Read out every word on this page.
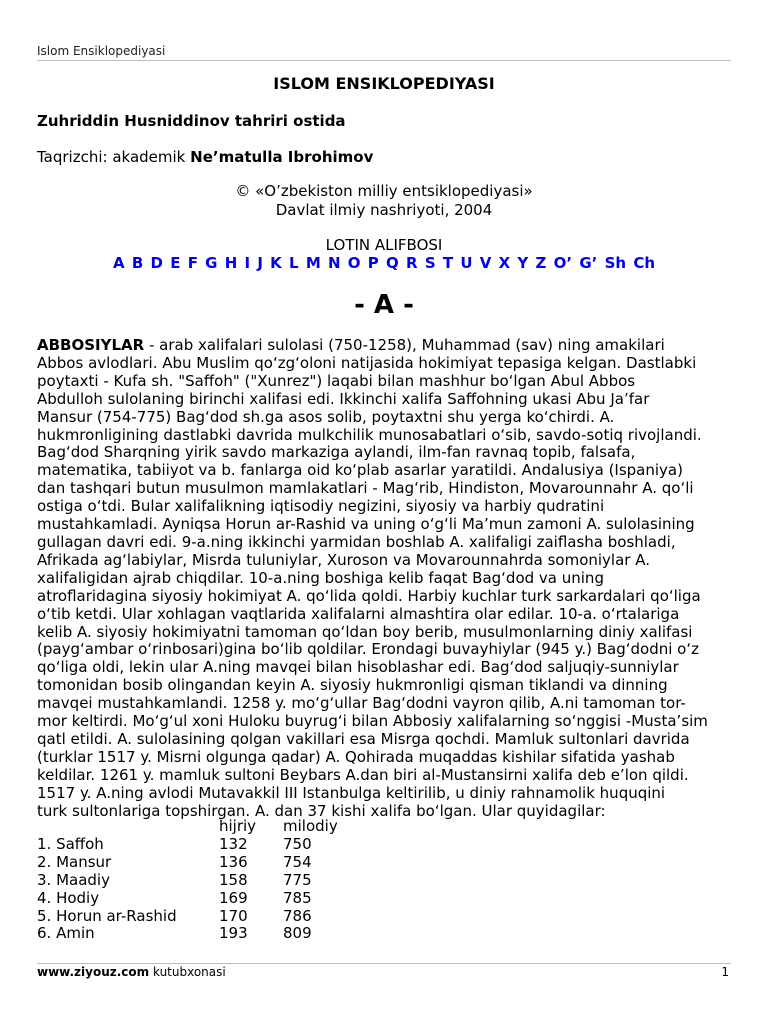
Islom Ensiklopediyasi
ISLOM ENSIKLOPEDIYASI
Zuhriddin Husniddinov tahriri ostida
Taqrizchi: akademik Ne’matulla Ibrohimov
© «O’zbekiston milliy entsiklopediyasi»
Davlat ilmiy nashriyoti, 2004
LOTIN ALIFBOSI
A B D E F G H I J K L M N O P Q R S T U V X Y Z O’ G’ Sh Ch
- A -
ABBOSIYLAR - arab xalifalari sulolasi (750-1258), Muhammad (sav) ning amakilari
Abbos avlodlari. Abu Muslim qo‘zg‘oloni natijasida hokimiyat tepasiga kelgan. Dastlabki
poytaxti - Kufa sh. "Saffoh" ("Xunrez") laqabi bilan mashhur bo‘lgan Abul Abbos
Abdulloh sulolaning birinchi xalifasi edi. Ikkinchi xalifa Saffohning ukasi Abu Ja’far
Mansur (754-775) Bag‘dod sh.ga asos solib, poytaxtni shu yerga ko‘chirdi. A.
hukmronligining dastlabki davrida mulkchilik munosabatlari o‘sib, savdo-sotiq rivojlandi.
Bag‘dod Sharqning yirik savdo markaziga aylandi, ilm-fan ravnaq topib, falsafa,
matematika, tabiiyot va b. fanlarga oid ko‘plab asarlar yaratildi. Andalusiya (Ispaniya)
dan tashqari butun musulmon mamlakatlari - Mag‘rib, Hindiston, Movarounnahr A. qo‘li
ostiga o‘tdi. Bular xalifalikning iqtisodiy negizini, siyosiy va harbiy qudratini
mustahkamladi. Ayniqsa Horun ar-Rashid va uning o‘g‘li Ma’mun zamoni A. sulolasining
gullagan davri edi. 9-a.ning ikkinchi yarmidan boshlab A. xalifaligi zaiflasha boshladi,
Afrikada ag‘labiylar, Misrda tuluniylar, Xuroson va Movarounnahrda somoniylar A.
xalifaligidan ajrab chiqdilar. 10-a.ning boshiga kelib faqat Bag‘dod va uning
atroflaridagina siyosiy hokimiyat A. qo‘lida qoldi. Harbiy kuchlar turk sarkardalari qo‘liga
o‘tib ketdi. Ular xohlagan vaqtlarida xalifalarni almashtira olar edilar. 10-a. o‘rtalariga
kelib A. siyosiy hokimiyatni tamoman qo‘ldan boy berib, musulmonlarning diniy xalifasi
(payg‘ambar o‘rinbosari)gina bo‘lib qoldilar. Erondagi buvayhiylar (945 y.) Bag‘dodni o‘z
qo‘liga oldi, lekin ular A.ning mavqei bilan hisoblashar edi. Bag‘dod saljuqiy-sunniylar
tomonidan bosib olingandan keyin A. siyosiy hukmronligi qisman tiklandi va dinning
mavqei mustahkamlandi. 1258 y. mo‘g‘ullar Bag‘dodni vayron qilib, A.ni tamoman tor-
mor keltirdi. Mo‘g‘ul xoni Huloku buyrug‘i bilan Abbosiy xalifalarning so‘nggisi -Musta’sim
qatl etildi. A. sulolasining qolgan vakillari esa Misrga qochdi. Mamluk sultonlari davrida
(turklar 1517 y. Misrni olgunga qadar) A. Qohirada muqaddas kishilar sifatida yashab
keldilar. 1261 y. mamluk sultoni Beybars A.dan biri al-Mustansirni xalifa deb e’lon qildi.
1517 y. A.ning avlodi Mutavakkil III Istanbulga keltirilib, u diniy rahnamolik huquqini
turk sultonlariga topshirgan. A. dan 37 kishi xalifa bo‘lgan. Ular quyidagilar:
	hijriy	milodiy
1. Saffoh	132	750
2. Mansur	136	754
3. Maadiy	158	775
4. Hodiy	169	785
5. Horun ar-Rashid	170	786
6. Amin	193	809
www.ziyouz.com kutubxonasi	1
